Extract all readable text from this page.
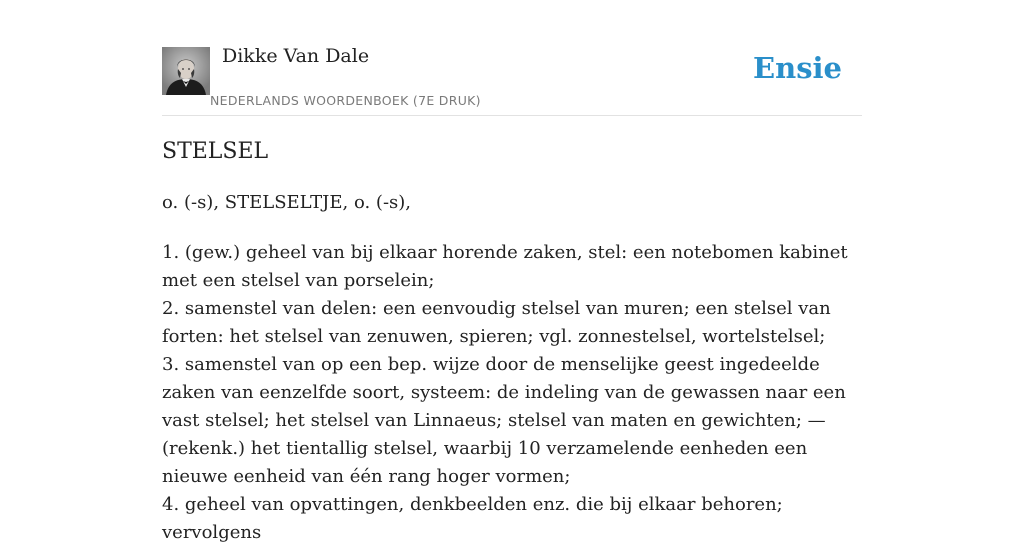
Dikke Van Dale
NEDERLANDS WOORDENBOEK (7E DRUK)
Ensie
STELSEL

o. (-s), STELSELTJE, o. (-s),

1. (gew.) geheel van bij elkaar horende zaken, stel: een notebomen kabinet met een stelsel van porselein;
2. samenstel van delen: een eenvoudig stelsel van muren; een stelsel van forten: het stelsel van zenuwen, spieren; vgl. zonnestelsel, wortelstelsel;
3. samenstel van op een bep. wijze door de menselijke geest ingedeelde zaken van eenzelfde soort, systeem: de indeling van de gewassen naar een vast stelsel; het stelsel van Linnaeus; stelsel van maten en gewichten; — (rekenk.) het tientallig stelsel, waarbij 10 verzamelende eenheden een nieuwe eenheid van één rang hoger vormen;
4. geheel van opvattingen, denkbeelden enz. die bij elkaar behoren; vervolgens
